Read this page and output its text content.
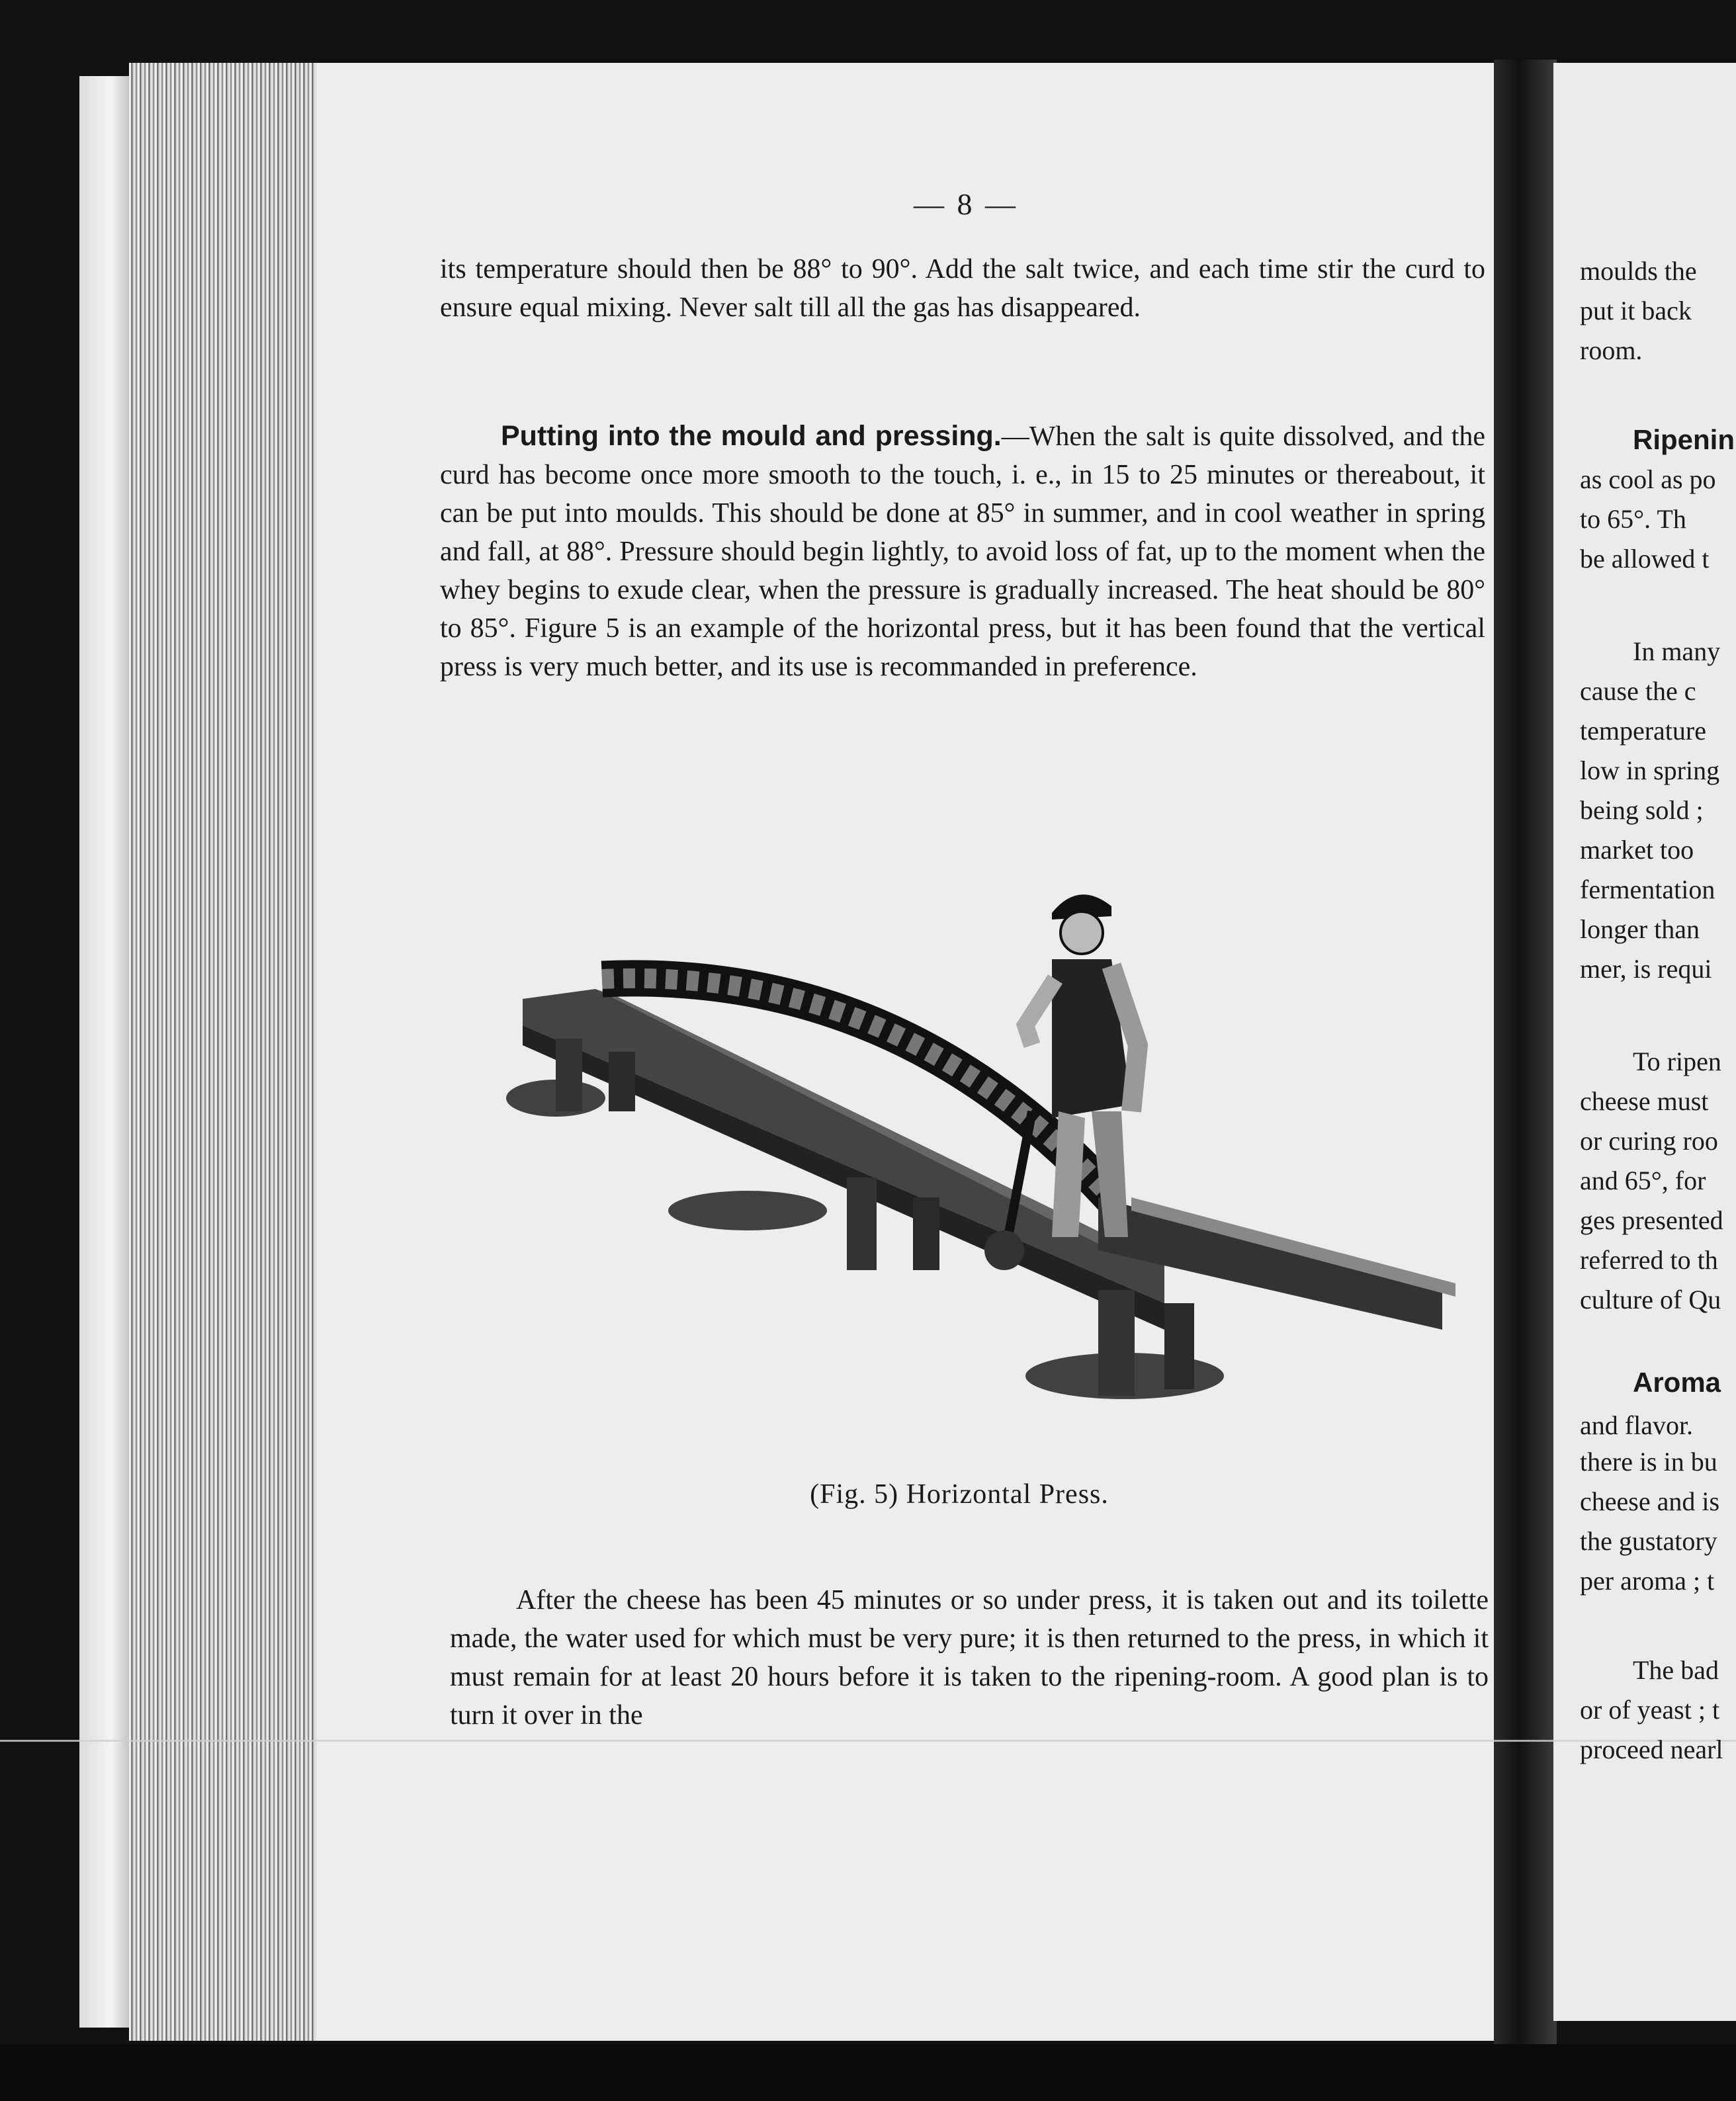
— 8 —
its temperature should then be 88° to 90°. Add the salt twice, and each time stir the curd to ensure equal mixing. Never salt till all the gas has disappeared.
Putting into the mould and pressing.—When the salt is quite dissolved, and the curd has become once more smooth to the touch, i. e., in 15 to 25 minutes or thereabout, it can be put into moulds. This should be done at 85° in summer, and in cool weather in spring and fall, at 88°. Pressure should begin lightly, to avoid loss of fat, up to the moment when the whey begins to exude clear, when the pressure is gradually increased. The heat should be 80° to 85°. Figure 5 is an example of the horizontal press, but it has been found that the vertical press is very much better, and its use is recommanded in preference.
(Fig. 5) Horizontal Press.
After the cheese has been 45 minutes or so under press, it is taken out and its toilette made, the water used for which must be very pure; it is then returned to the press, in which it must remain for at least 20 hours before it is taken to the ripening-room. A good plan is to turn it over in the
moulds the
put it back
room.
Ripenin
as cool as po
to 65°. Th
be allowed t
In many
cause the c
temperature
low in spring
being sold ;
market too
fermentation
longer than
mer, is requi
To ripen
cheese must
or curing roo
and 65°, for
ges presented
referred to th
culture of Qu
Aroma
and flavor.
there is in bu
cheese and is
the gustatory
per aroma ; t
The bad
or of yeast ; t
proceed nearl
